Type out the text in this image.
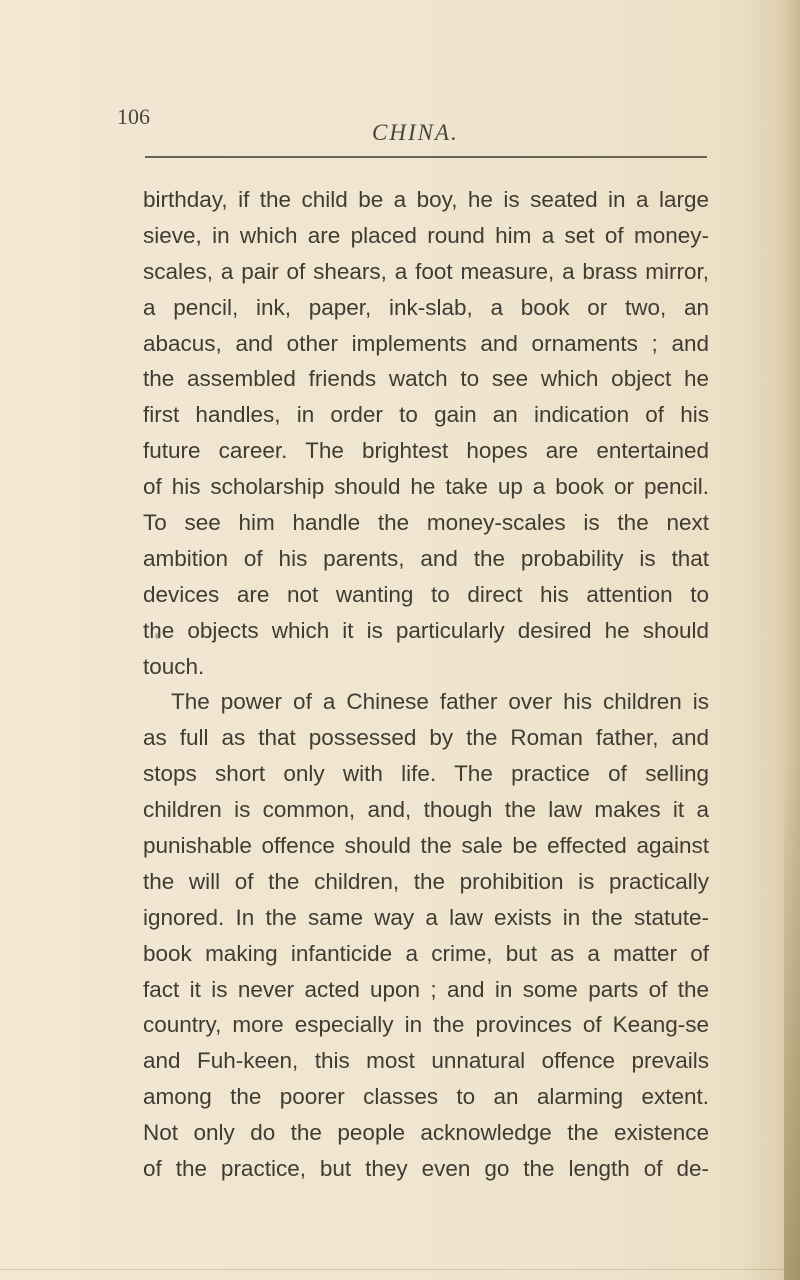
106
CHINA.
birthday, if the child be a boy, he is seated in a large
sieve, in which are placed round him a set of money-
scales, a pair of shears, a foot measure, a brass mirror,
a pencil, ink, paper, ink-slab, a book or two, an
abacus, and other implements and ornaments ; and
the assembled friends watch to see which object he
first handles, in order to gain an indication of his
future career. The brightest hopes are entertained
of his scholarship should he take up a book or pencil.
To see him handle the money-scales is the next
ambition of his parents, and the probability is that
devices are not wanting to direct his attention to
the objects which it is particularly desired he should
touch.
The power of a Chinese father over his children is
as full as that possessed by the Roman father, and
stops short only with life. The practice of selling
children is common, and, though the law makes it a
punishable offence should the sale be effected against
the will of the children, the prohibition is practically
ignored. In the same way a law exists in the statute-
book making infanticide a crime, but as a matter of
fact it is never acted upon ; and in some parts of the
country, more especially in the provinces of Keang-se
and Fuh-keen, this most unnatural offence prevails
among the poorer classes to an alarming extent.
Not only do the people acknowledge the existence
of the practice, but they even go the length of de-
